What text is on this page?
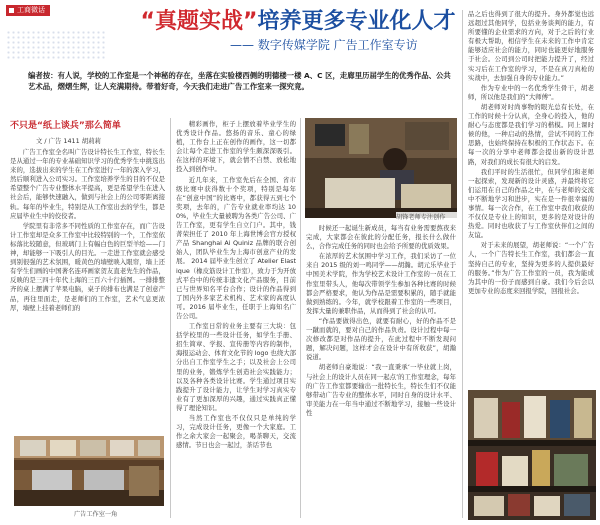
工商微话	“真题实战”培养更多专业化人才
—— 数字传媒学院 广告工作室专访
编者按：有人说，学校的工作室是一个神秘的存在，坐落在实验楼西侧的明德楼一楼 A、C 区，走廊里历届学生的优秀作品、公共艺术品，熠熠生辉，让人充满期待。带着好奇，今天我们走进广告工作室来一探究竟。
不只是“纸上谈兵”那么简单
文 / 广告 1411 胡莉莉

广告工作室全名叫广告设计特长生工作室，特长生是从通过一年的专业基础知识学习的优秀学生中挑选出来的，选拔出来的学生在工作室进行一年的深入学习，然后顺利进入公司实习。工作室培养学生的目的不仅是希望整个广告专业整体水平提高，更是希望学生在进入社会后，能够快速融入，做到与社会上的公司零距离接轨。每年的毕业生，特别是从工作室出去的学生，都是应届毕业生中的佼佼者。

学院里有非常多不同性质的工作室存在，而广告设计工作室却是众多工作室中比较特别的一个，工作室依标落比较随意，但玻璃门上有幅白色的巨型羊绘——门神，却能够一下吸引人的目光。一走进工作室就会感受到别很强的艺术氛围，暖黄色的墙壁映入眼帘，墙上还有学生们画的中国著名连环画家贺友直老先生的作品，反映的是三四十年代上海的三百六十行插图。一排排整齐的桌上摆满了苹果电脑，桌子的排布也满足了创意产品，再往里面走，是老师们的工作室，艺术气息更浓厚，墙壁上挂着老师们的

广告工作室一角

精彩画作，柜子上摆放着毕业学生的优秀设计作品。悠扬的音乐、童心的绿植，工作台上正在创作的画作，这一切都会让每个走进工作室的学生颇深深吸引。在这样的环境下，就会情不自禁、放松地投入到创作中。

近几年来，工作室先后在全国、省市级比赛中获得数十个奖项，特别是每年在“创意中国”的比赛中，都获得五到七个奖项，去年的，广告专业就业率均达 100%，毕业生大量被聘为各类广告公司、广告工作室，更有学生自立门户。其中，钱菁荣担任了 2010 年上海世博会官方授权产品 Shanghai Ai Quiniz 品牌的联合创始人，团队毕业生为上海市创意产业的发展。 2014 届毕业生创立了 Atelier Elastique（橡皮筋设计工作室），致力于为开放式平台中的传统非遗文化产品服务，目前已与世界知名平台合作；设计的作品得到了国内外多家艺术机构、艺术家的高度认可。2016 届毕业生，任职于上海知名广告公司。

工作室日常的业务主要有三大块：包括学校里的一些设计任务，如学生手册、招生简章、学报、宣传册等内容的制作，海报运动会、体育文化节的 logo 也绕大部分出自工作室学生之手；以及社会上公司里的业务，锻炼学生创造社会实践能力；以及各种各类设计比赛。学生通过项目实践提升了设计能力，让学生对学习真实专业有了更加深厚的兴趣，通过实践真正懂得了理论知识。

当然工作室也不仅仅只是单纯的学习，完成设计任务，更像一个大家庭。工作之余大家会一起聚会，喝茶聊天，交流感情。节日也会一起过，茶话节也

胡锋老师专注创作

时候还一起诞生新成员，每当有业务需要熬夜来完成，大家都会在彼此的分配任务，报长什么做什么，合作完成任务的同时也会给予所要的优质效果。

在浓厚的艺术氛围中学习工作，我们采访了一位来自 2015 级的刘一鸣同学——胡瀚。胡元乐毕业于中国美术学院，作为学校艺术设计工作室的一员在工作室里带头人，他每次带领学生参加各种比赛的时候都会严格要求，他认为作品是需要积累的，随手就能做到熟练的。今年，就学校跟着工作室的一些项目，发挥大量的兼职作品，从而得到了社会的认可。

“作品要做得出色，就要有耐心，好的作品不是一蹴而就的，要对自己的作品负责。设计过程中每一次修改都是对作品的提升，在此过程中不断发现问题，解决问题，这样才会在设计中有所收获”，胡瀚说道。

胡老师自豪地说：“我一直秉承‘一毕业就上岗，与社会上的设计人员在同一起点’的工作室理念，每年的广告工作室都要输出一批特长生，特长生们不仅能够带动广告专业的整体水平，同时自身的设计水平、审美能力在一年当中通过不断地学习，接触一些设计性

品之后也得到了很大的提升。身外都觉也远远超过其他同学，包括业务谈判的能力，有所要懂的企业需求的方向，对于之后的行业有极大帮助，相信学生在未来的工作中肯定能够适应社会的能力，同时也能更好地服务于社会。公司到公司时把能力提升了，经过实习后在工作室的学习，不是在真刀真枪的实战中，去加强自身的专业能力。”

作为专业中的一名优秀学生骨干，胡老师，所以他是我们的“大师傅”。

胡老师对时尚事物的眼光总有长处，在工作的时候十分认真，全身心的投入，他的耐心与态度都是我们学习的楷模。同上课时候的他，一种启动的热情，尝试不同的工作思路，也始终保持在积极的工作状态下。在每一次的分享中老师都会提出新的设计思路，对我们的成长有很大的启发。

我们平时的生活很忙，但同学们和老师一起探索，发现新的设计灵感，并最终将它们运用在自己的作品之中，在与老师的交流中不断地学习和进步，实在是一件很幸福的事情。每一次合作，在工作室中我们收获的不仅仅是专业上的知识，更多的是对设计的热爱。同时也收获了与工作室伙伴们之间的友谊。

对于未来的展望，胡老师说：“一个广告人，一个广告特长生工作室，我们都会一直坚持自己的专业，坚持为更多的人提供最好的服务。”作为广告工作室的一员，我为能成为其中的一份子而感到自豪。我们今后会以更加专业的态度来回报学院，回报社会。
